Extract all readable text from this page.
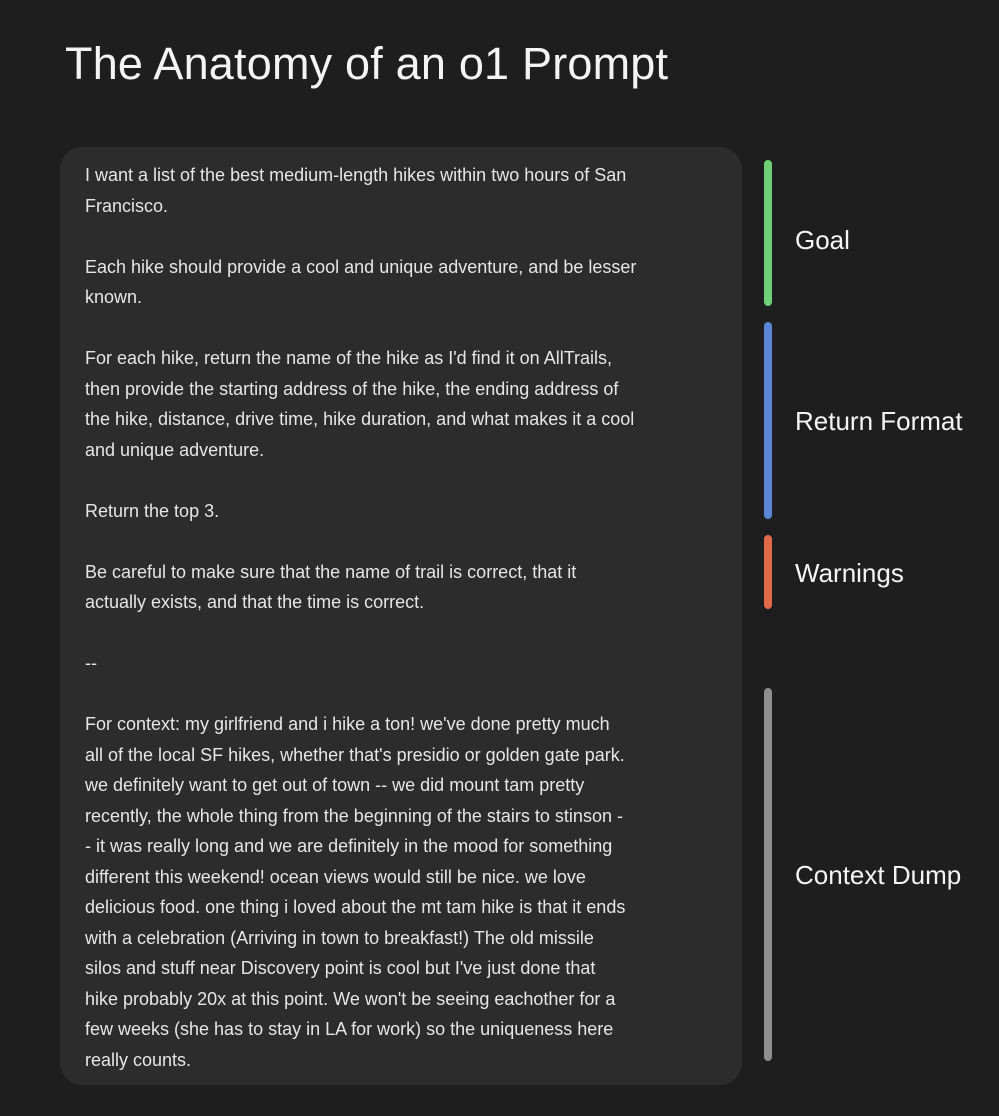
The Anatomy of an o1 Prompt
I want a list of the best medium-length hikes within two hours of San
Francisco.
Each hike should provide a cool and unique adventure, and be lesser
known.
For each hike, return the name of the hike as I'd find it on AllTrails,
then provide the starting address of the hike, the ending address of
the hike, distance, drive time, hike duration, and what makes it a cool
and unique adventure.
Return the top 3.
Be careful to make sure that the name of trail is correct, that it
actually exists, and that the time is correct.
--
For context: my girlfriend and i hike a ton! we've done pretty much
all of the local SF hikes, whether that's presidio or golden gate park.
we definitely want to get out of town -- we did mount tam pretty
recently, the whole thing from the beginning of the stairs to stinson -
- it was really long and we are definitely in the mood for something
different this weekend! ocean views would still be nice. we love
delicious food. one thing i loved about the mt tam hike is that it ends
with a celebration (Arriving in town to breakfast!) The old missile
silos and stuff near Discovery point is cool but I've just done that
hike probably 20x at this point. We won't be seeing eachother for a
few weeks (she has to stay in LA for work) so the uniqueness here
really counts.
Goal
Return Format
Warnings
Context Dump
